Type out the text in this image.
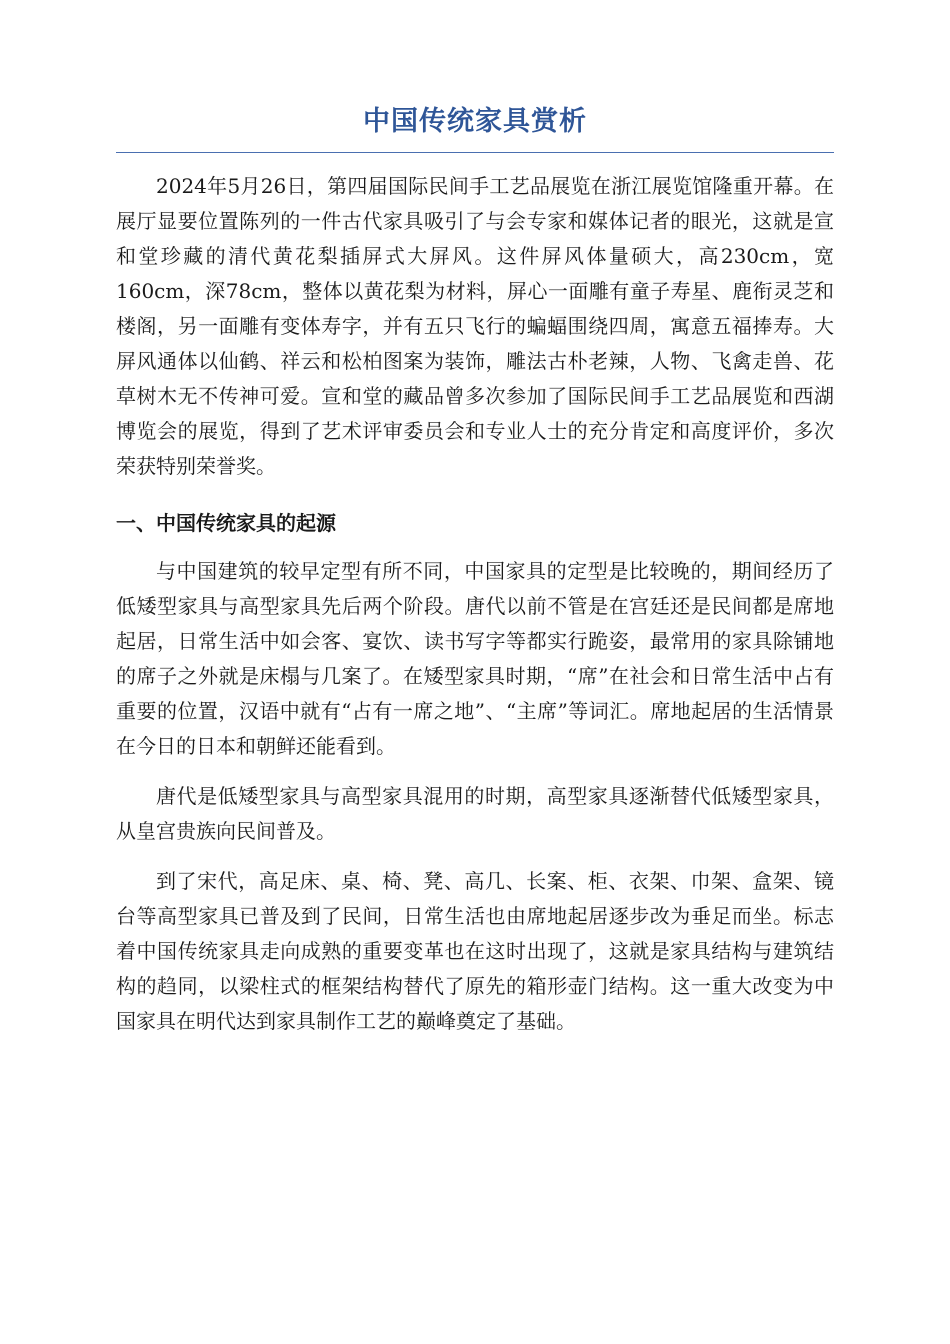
中国传统家具赏析

2024年5月26日，第四届国际民间手工艺品展览在浙江展览馆隆重开幕。在展厅显要位置陈列的一件古代家具吸引了与会专家和媒体记者的眼光，这就是宣和堂珍藏的清代黄花梨插屏式大屏风。这件屏风体量硕大，高230cm，宽160cm，深78cm，整体以黄花梨为材料，屏心一面雕有童子寿星、鹿衔灵芝和楼阁，另一面雕有变体寿字，并有五只飞行的蝙蝠围绕四周，寓意五福捧寿。大屏风通体以仙鹤、祥云和松柏图案为装饰，雕法古朴老辣，人物、飞禽走兽、花草树木无不传神可爱。宣和堂的藏品曾多次参加了国际民间手工艺品展览和西湖博览会的展览，得到了艺术评审委员会和专业人士的充分肯定和高度评价，多次荣获特别荣誉奖。

一、中国传统家具的起源

与中国建筑的较早定型有所不同，中国家具的定型是比较晚的，期间经历了低矮型家具与高型家具先后两个阶段。唐代以前不管是在宫廷还是民间都是席地起居，日常生活中如会客、宴饮、读书写字等都实行跪姿，最常用的家具除铺地的席子之外就是床榻与几案了。在矮型家具时期，“席”在社会和日常生活中占有重要的位置，汉语中就有“占有一席之地”、“主席”等词汇。席地起居的生活情景在今日的日本和朝鲜还能看到。

唐代是低矮型家具与高型家具混用的时期，高型家具逐渐替代低矮型家具，从皇宫贵族向民间普及。

到了宋代，高足床、桌、椅、凳、高几、长案、柜、衣架、巾架、盒架、镜台等高型家具已普及到了民间，日常生活也由席地起居逐步改为垂足而坐。标志着中国传统家具走向成熟的重要变革也在这时出现了，这就是家具结构与建筑结构的趋同，以梁柱式的框架结构替代了原先的箱形壶门结构。这一重大改变为中国家具在明代达到家具制作工艺的巅峰奠定了基础。
